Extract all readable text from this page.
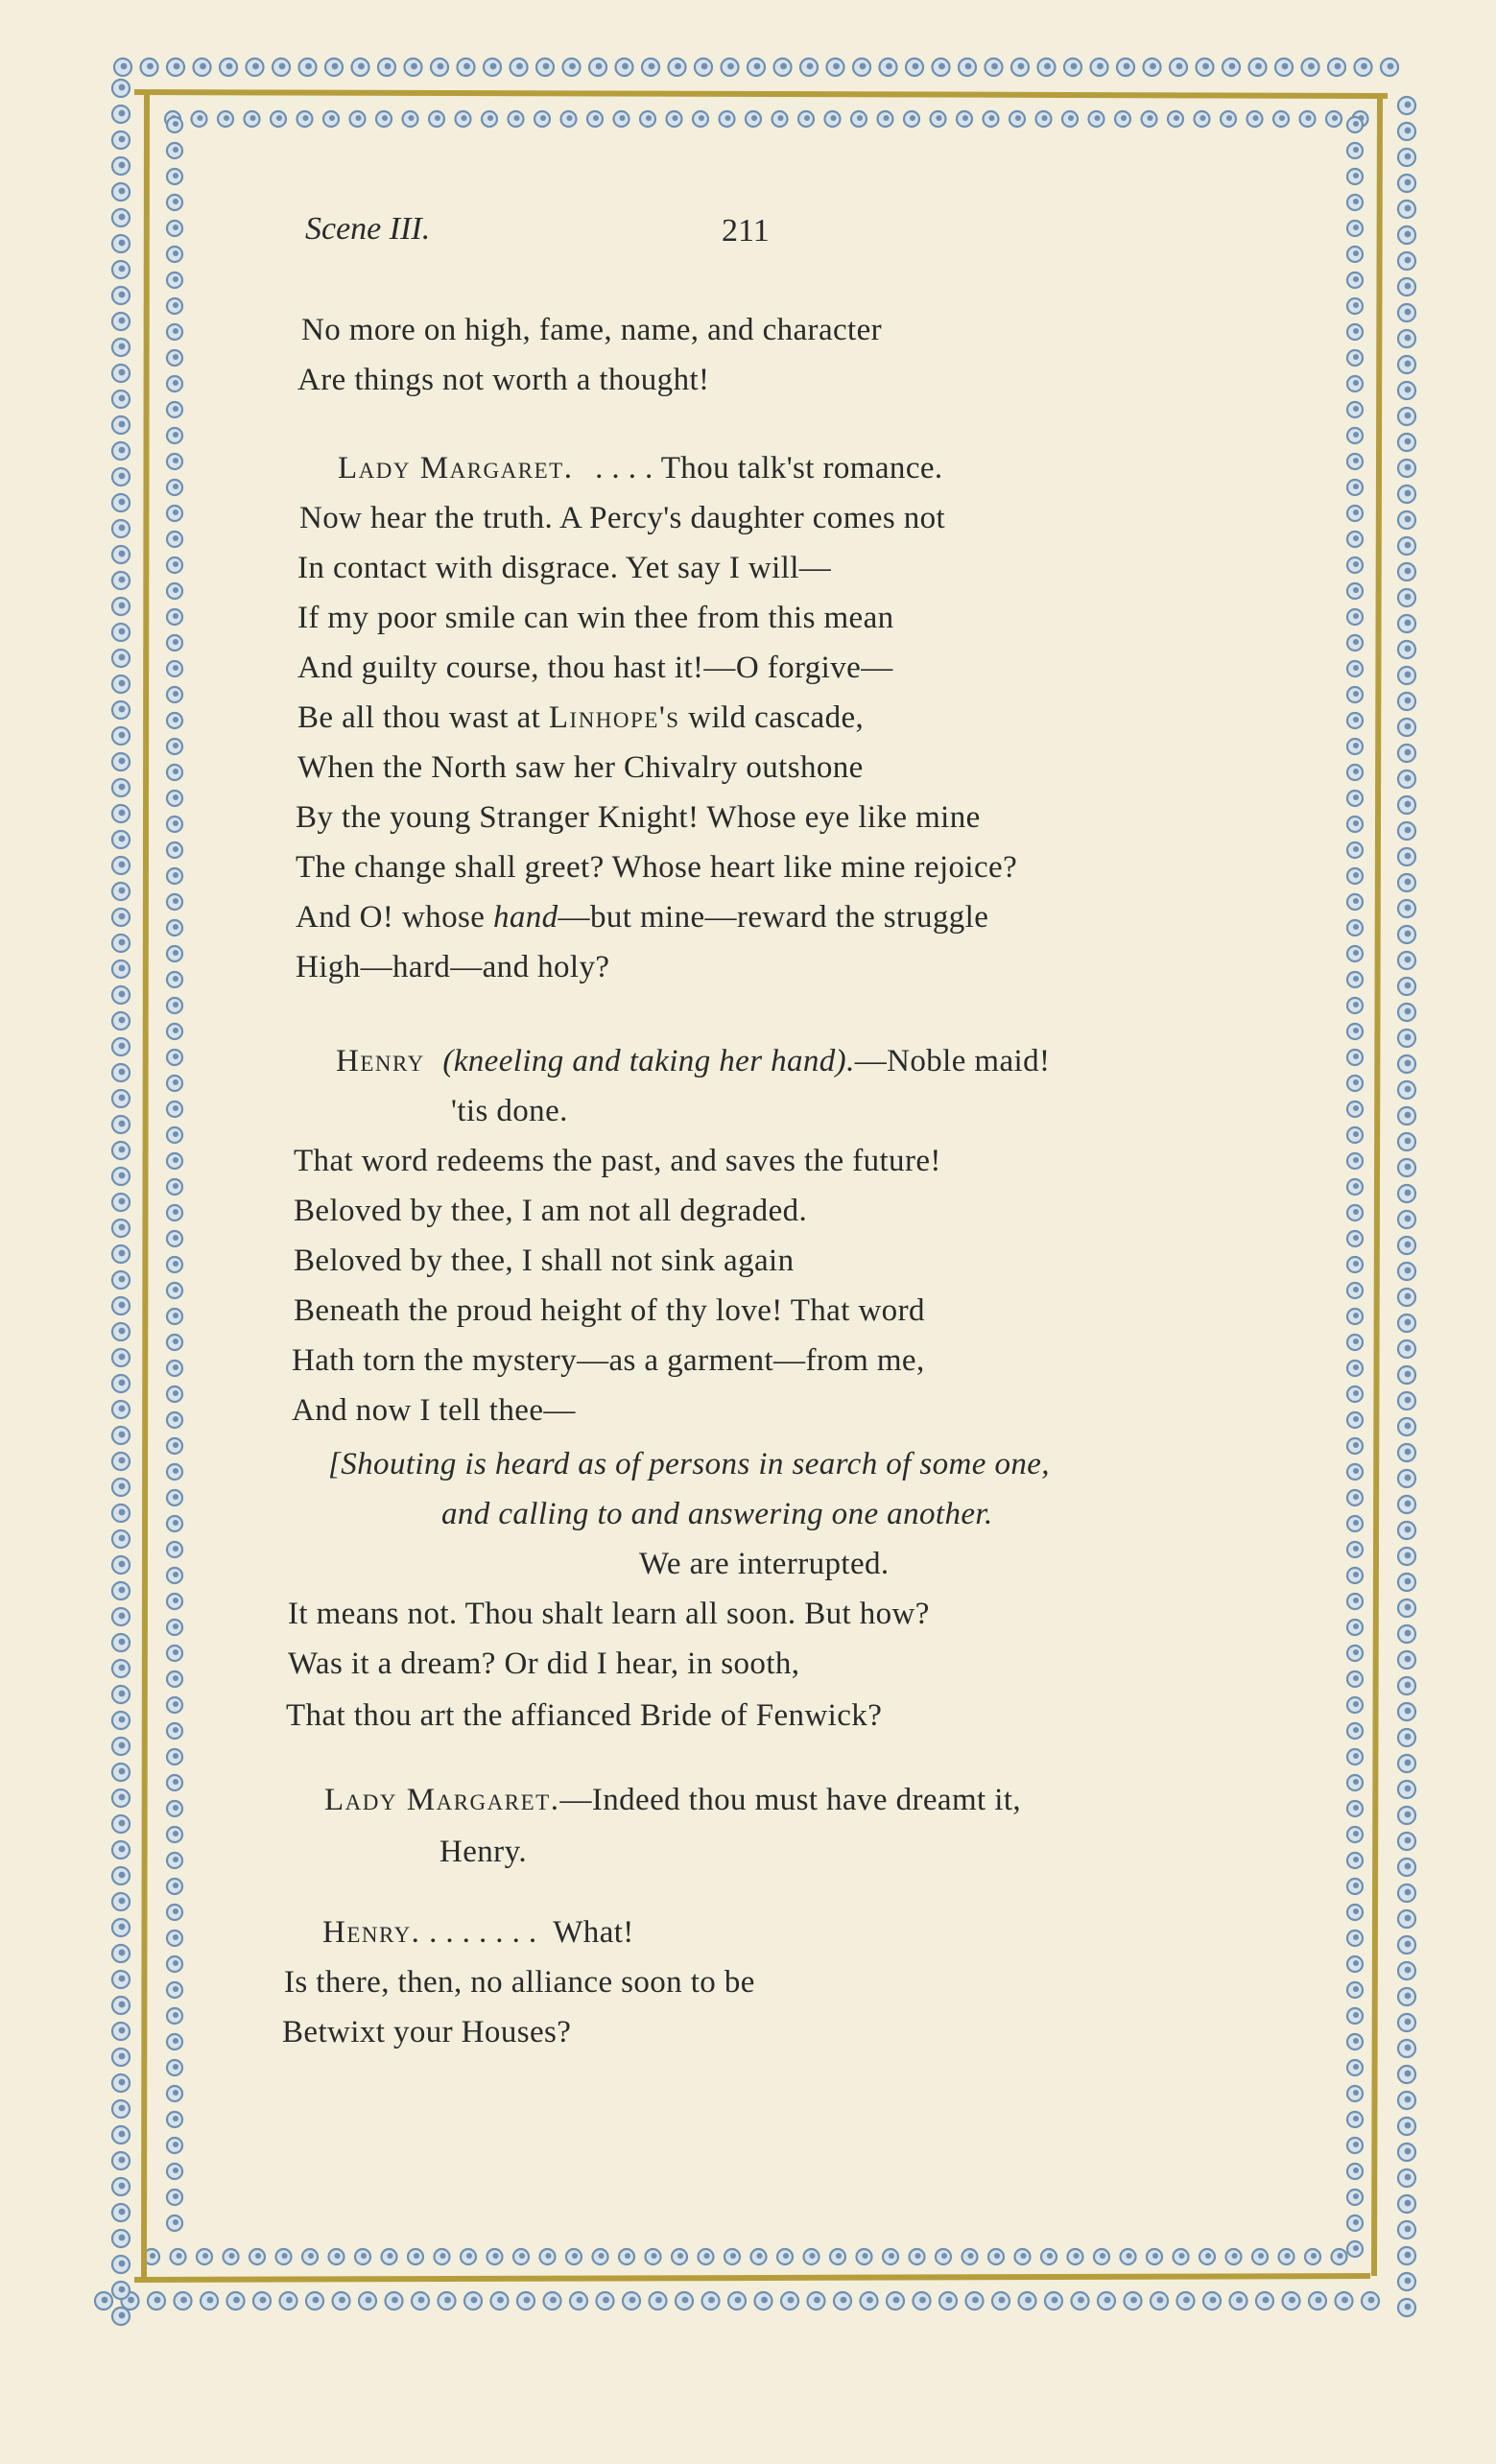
Scene III.	211
No more on high, fame, name, and character
Are things not worth a thought!
Lady Margaret. . . . . Thou talk'st romance.
Now hear the truth. A Percy's daughter comes not
In contact with disgrace. Yet say I will—
If my poor smile can win thee from this mean
And guilty course, thou hast it!—O forgive—
Be all thou wast at Linhope's wild cascade,
When the North saw her Chivalry outshone
By the young Stranger Knight! Whose eye like mine
The change shall greet? Whose heart like mine rejoice?
And O! whose hand—but mine—reward the struggle
High—hard—and holy?
Henry (kneeling and taking her hand).—Noble maid!
'tis done.
That word redeems the past, and saves the future!
Beloved by thee, I am not all degraded.
Beloved by thee, I shall not sink again
Beneath the proud height of thy love! That word
Hath torn the mystery—as a garment—from me,
And now I tell thee—
[Shouting is heard as of persons in search of some one,
and calling to and answering one another.
We are interrupted.
It means not. Thou shalt learn all soon. But how?
Was it a dream? Or did I hear, in sooth,
That thou art the affianced Bride of Fenwick?
Lady Margaret.—Indeed thou must have dreamt it,
Henry.
Henry. . . . . . . .  What!
Is there, then, no alliance soon to be
Betwixt your Houses?
